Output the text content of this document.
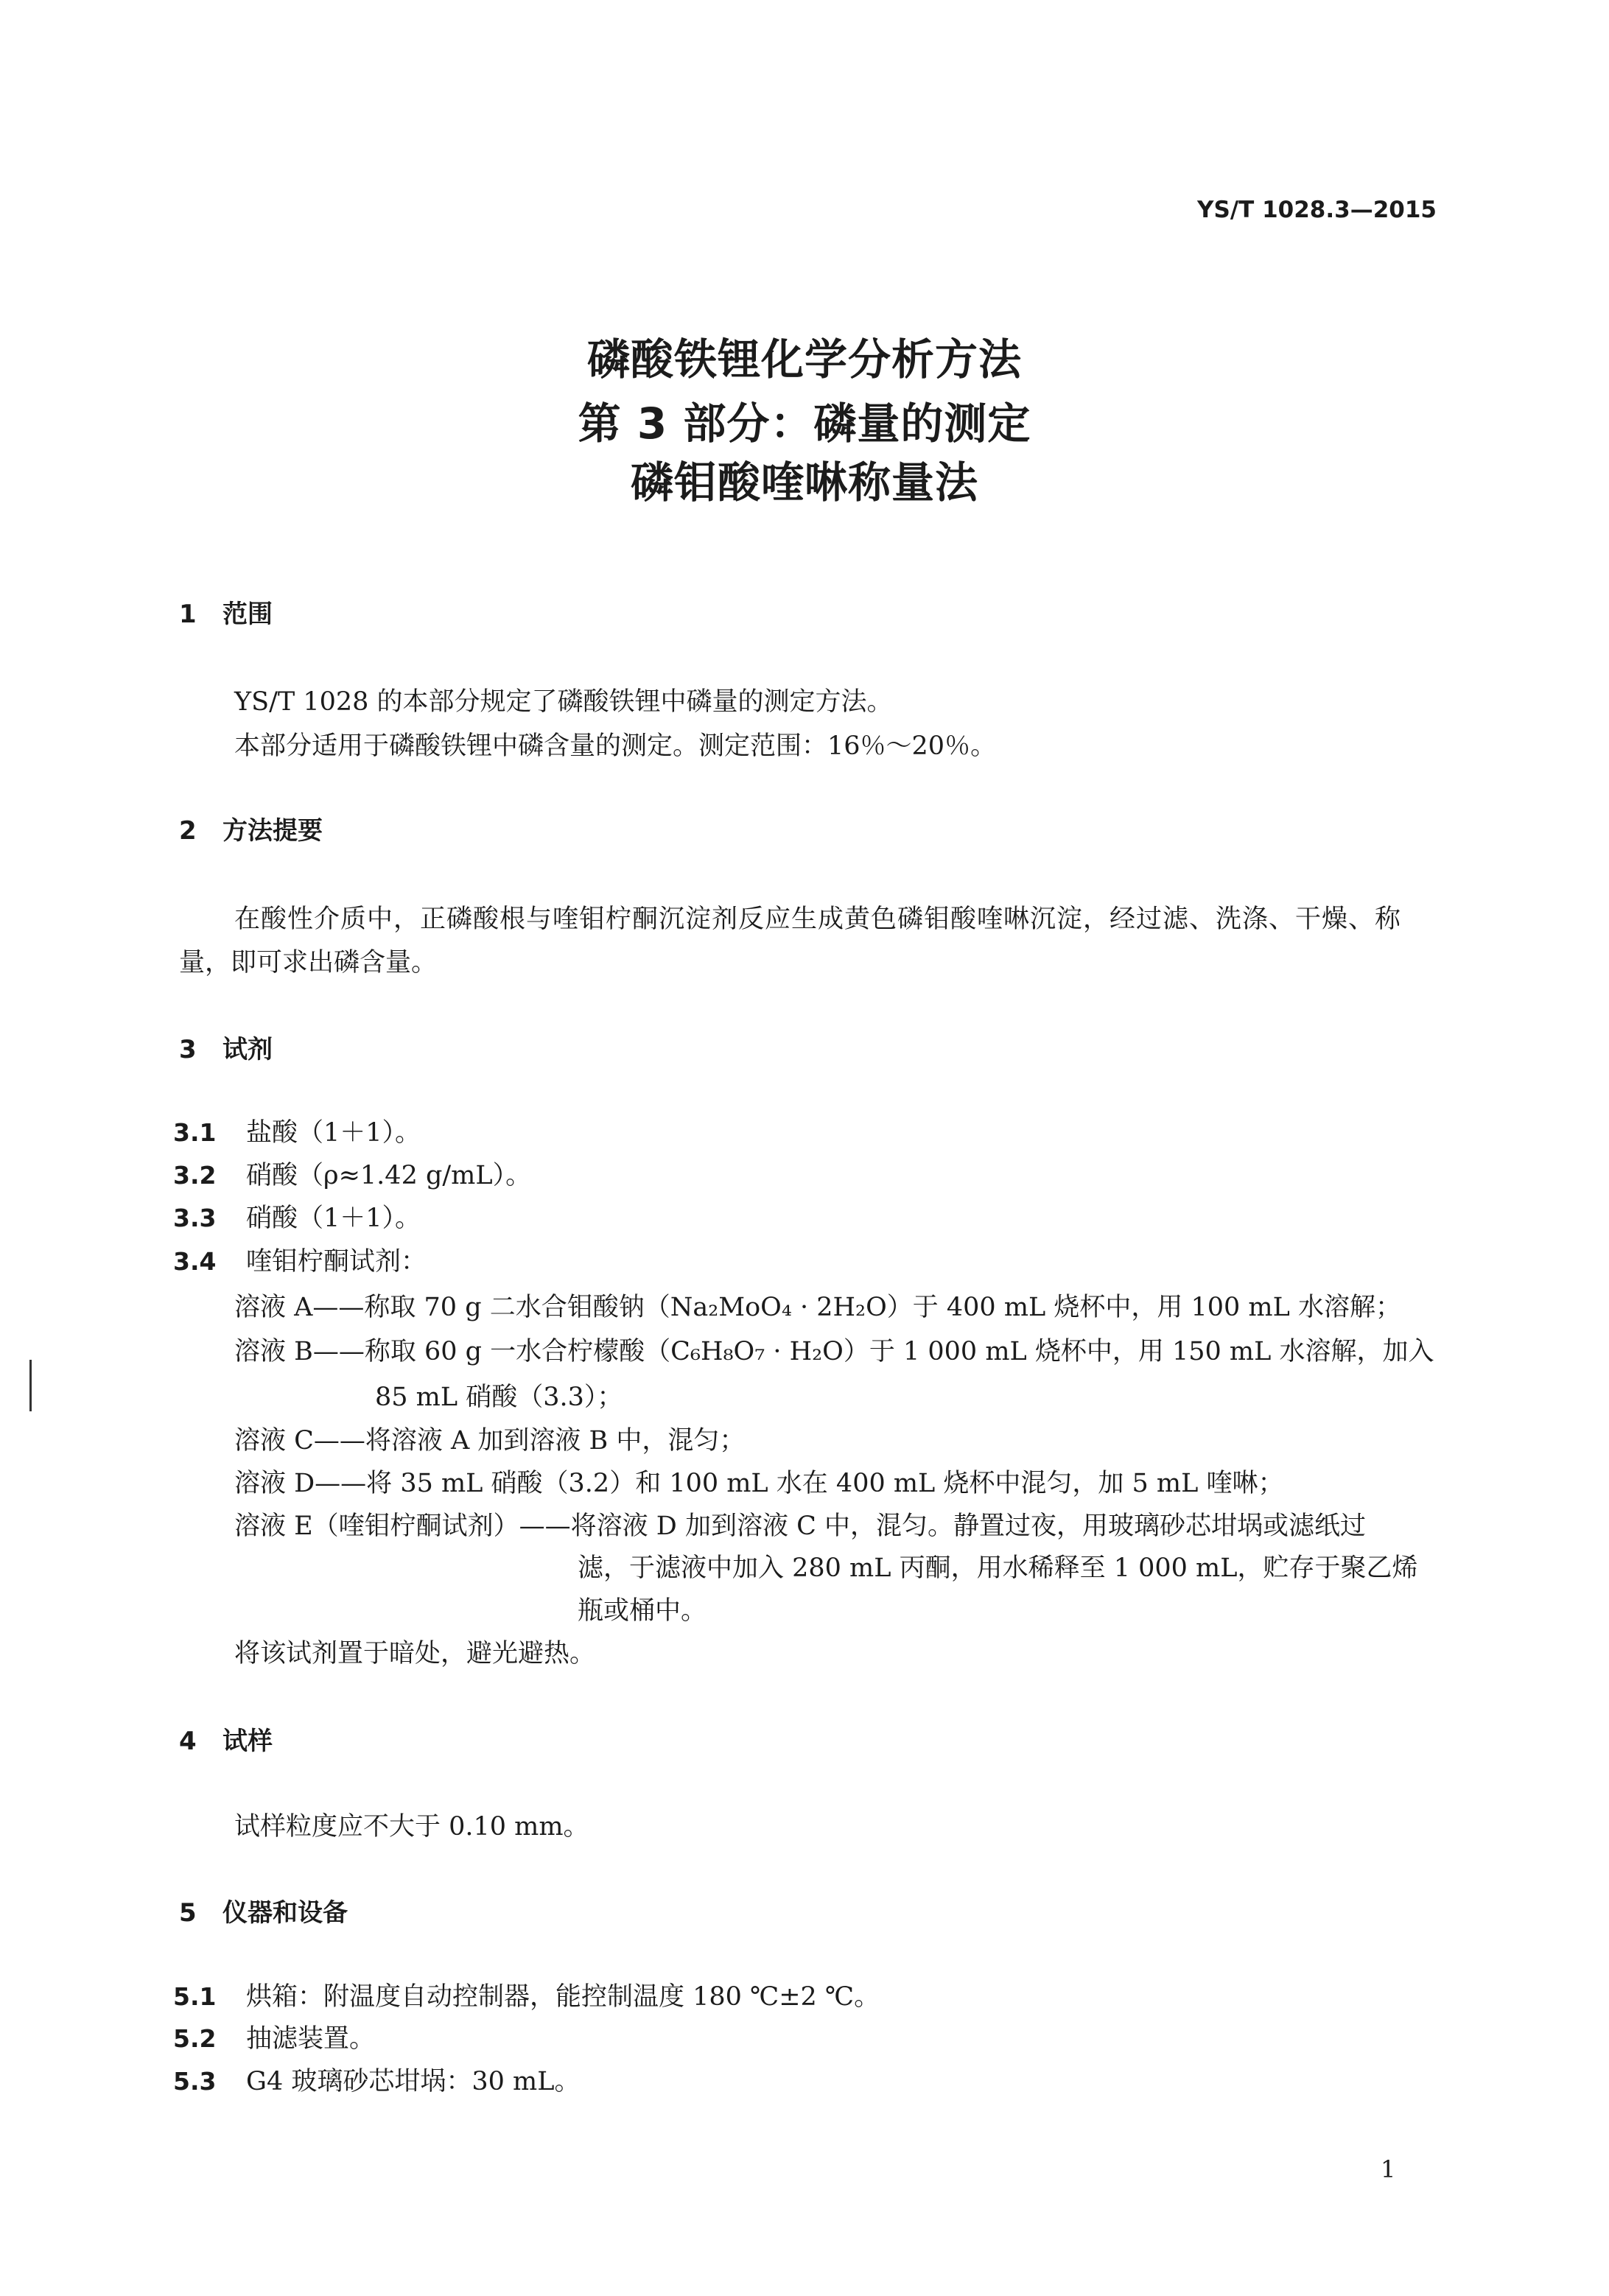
YS/T 1028.3—2015
磷酸铁锂化学分析方法
第 3 部分：磷量的测定
磷钼酸喹啉称量法
1 范围
YS/T 1028 的本部分规定了磷酸铁锂中磷量的测定方法。
本部分适用于磷酸铁锂中磷含量的测定。测定范围：16％～20％。
2 方法提要
在酸性介质中，正磷酸根与喹钼柠酮沉淀剂反应生成黄色磷钼酸喹啉沉淀，经过滤、洗涤、干燥、称
量，即可求出磷含量。
3 试剂
3.1 盐酸（1＋1）。
3.2 硝酸（ρ≈1.42 g/mL）。
3.3 硝酸（1＋1）。
3.4 喹钼柠酮试剂：
溶液 A——称取 70 g 二水合钼酸钠（Na₂MoO₄ · 2H₂O）于 400 mL 烧杯中，用 100 mL 水溶解；
溶液 B——称取 60 g 一水合柠檬酸（C₆H₈O₇ · H₂O）于 1 000 mL 烧杯中，用 150 mL 水溶解，加入
85 mL 硝酸（3.3）；
溶液 C——将溶液 A 加到溶液 B 中，混匀；
溶液 D——将 35 mL 硝酸（3.2）和 100 mL 水在 400 mL 烧杯中混匀，加 5 mL 喹啉；
溶液 E（喹钼柠酮试剂）——将溶液 D 加到溶液 C 中，混匀。静置过夜，用玻璃砂芯坩埚或滤纸过
滤，于滤液中加入 280 mL 丙酮，用水稀释至 1 000 mL，贮存于聚乙烯
瓶或桶中。
将该试剂置于暗处，避光避热。
4 试样
试样粒度应不大于 0.10 mm。
5 仪器和设备
5.1 烘箱：附温度自动控制器，能控制温度 180 ℃±2 ℃。
5.2 抽滤装置。
5.3 G4 玻璃砂芯坩埚：30 mL。
1
